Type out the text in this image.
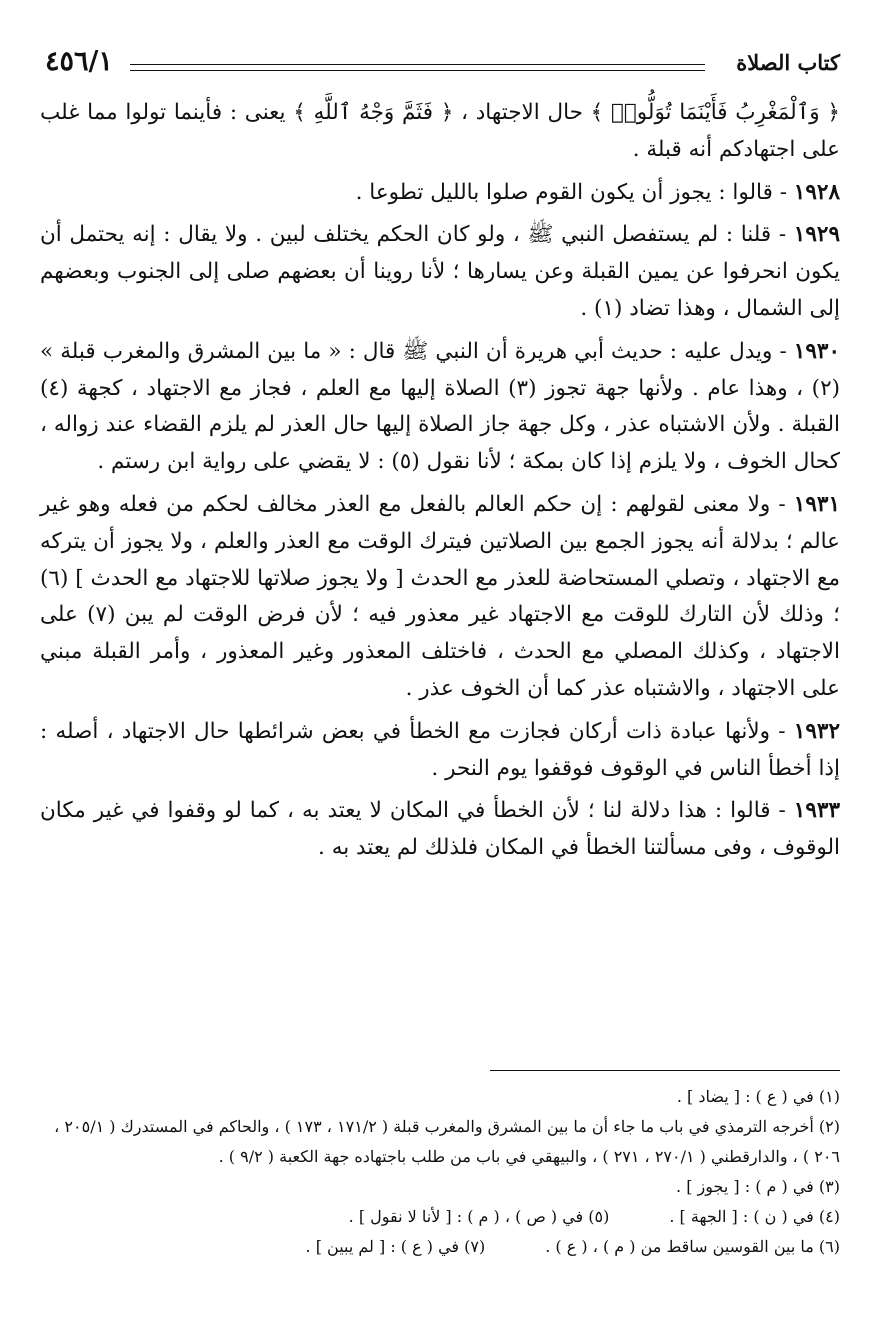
كتاب الصلاة
٤٥٦/١

﴿ وَٱلْمَغْرِبُ فَأَيْنَمَا تُوَلُّوا۟ ﴾ حال الاجتهاد ، ﴿ فَثَمَّ وَجْهُ ٱللَّهِ ﴾ يعنى : فأينما تولوا مما غلب على اجتهادكم أنه قبلة .

١٩٢٨ - قالوا : يجوز أن يكون القوم صلوا بالليل تطوعا .

١٩٢٩ - قلنا : لم يستفصل النبي ﷺ ، ولو كان الحكم يختلف لبين . ولا يقال : إنه يحتمل أن يكون انحرفوا عن يمين القبلة وعن يسارها ؛ لأنا روينا أن بعضهم صلى إلى الجنوب وبعضهم إلى الشمال ، وهذا تضاد (١) .

١٩٣٠ - ويدل عليه : حديث أبي هريرة أن النبي ﷺ قال : « ما بين المشرق والمغرب قبلة » (٢) ، وهذا عام . ولأنها جهة تجوز (٣) الصلاة إليها مع العلم ، فجاز مع الاجتهاد ، كجهة (٤) القبلة . ولأن الاشتباه عذر ، وكل جهة جاز الصلاة إليها حال العذر لم يلزم القضاء عند زواله ، كحال الخوف ، ولا يلزم إذا كان بمكة ؛ لأنا نقول (٥) : لا يقضي على رواية ابن رستم .

١٩٣١ - ولا معنى لقولهم : إن حكم العالم بالفعل مع العذر مخالف لحكم من فعله وهو غير عالم ؛ بدلالة أنه يجوز الجمع بين الصلاتين فيترك الوقت مع العذر والعلم ، ولا يجوز أن يتركه مع الاجتهاد ، وتصلي المستحاضة للعذر مع الحدث [ ولا يجوز صلاتها للاجتهاد مع الحدث ] (٦) ؛ وذلك لأن التارك للوقت مع الاجتهاد غير معذور فيه ؛ لأن فرض الوقت لم يبن (٧) على الاجتهاد ، وكذلك المصلي مع الحدث ، فاختلف المعذور وغير المعذور ، وأمر القبلة مبني على الاجتهاد ، والاشتباه عذر كما أن الخوف عذر .

١٩٣٢ - ولأنها عبادة ذات أركان فجازت مع الخطأ في بعض شرائطها حال الاجتهاد ، أصله : إذا أخطأ الناس في الوقوف فوقفوا يوم النحر .

١٩٣٣ - قالوا : هذا دلالة لنا ؛ لأن الخطأ في المكان لا يعتد به ، كما لو وقفوا في غير مكان الوقوف ، وفى مسألتنا الخطأ في المكان فلذلك لم يعتد به .

(١) في ( ع ) : [ يضاد ] .

(٢) أخرجه الترمذي في باب ما جاء أن ما بين المشرق والمغرب قبلة ( ١٧١/٢ ، ١٧٣ ) ، والحاكم في المستدرك ( ٢٠٥/١ ، ٢٠٦ ) ، والدارقطني ( ٢٧٠/١ ، ٢٧١ ) ، والبيهقي في باب من طلب باجتهاده جهة الكعبة ( ٩/٢ ) .

(٣) في ( م ) : [ يجوز ] .

(٤) في ( ن ) : [ الجهة ] .
(٥) في ( ص ) ، ( م ) : [ لأنا لا نقول ] .
(٦) ما بين القوسين ساقط من ( م ) ، ( ع ) .
(٧) في ( ع ) : [ لم يبين ] .
